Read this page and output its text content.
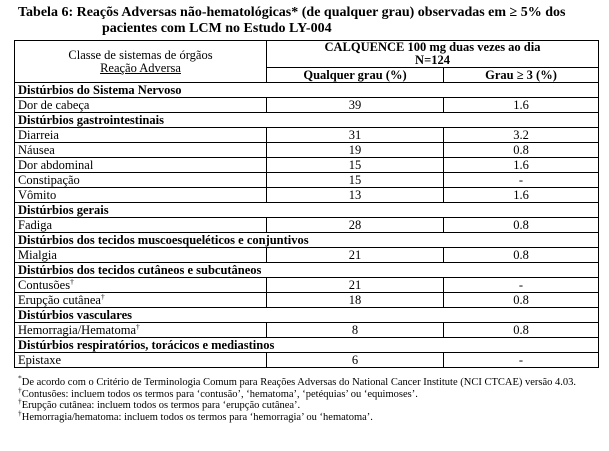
Tabela 6: Reaçõs Adversas não-hematológicas* (de qualquer grau) observadas em ≥ 5% dos
pacientes com LCM no Estudo LY-004
Classe de sistemas de órgãos
Reação Adversa	CALQUENCE 100 mg duas vezes ao dia
N=124	
	Qualquer grau (%)	Grau ≥ 3 (%)
Distúrbios do Sistema Nervoso		
Dor de cabeça	39	1.6
Distúrbios gastrointestinais		
Diarreia	31	3.2
Náusea	19	0.8
Dor abdominal	15	1.6
Constipação	15	-
Vômito	13	1.6
Distúrbios gerais		
Fadiga	28	0.8
Distúrbios dos tecidos muscoesqueléticos e conjuntivos		
Mialgia	21	0.8
Distúrbios dos tecidos cutâneos e subcutâneos		
Contusões†	21	-
Erupção cutânea†	18	0.8
Distúrbios vasculares		
Hemorragia/Hematoma†	8	0.8
Distúrbios respiratórios, torácicos e mediastinos		
Epistaxe	6	-

*De acordo com o Critério de Terminologia Comum para Reações Adversas do National Cancer Institute (NCI CTCAE) versão 4.03.

†Contusões: incluem todos os termos para ‘contusão’, ‘hematoma’, ‘petéquias’ ou ‘equimoses’.

†Erupção cutânea: incluem todos os termos para ‘erupção cutânea’.

†Hemorragia/hematoma: incluem todos os termos para ‘hemorragia’ ou ‘hematoma’.
